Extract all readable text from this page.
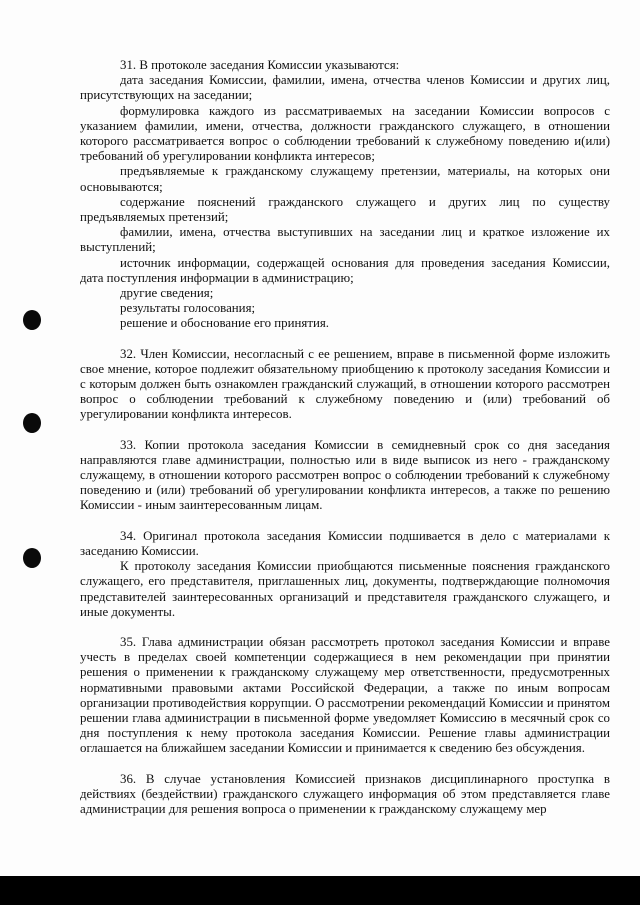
31. В протоколе заседания Комиссии указываются:

дата заседания Комиссии, фамилии, имена, отчества членов Комиссии и других лиц, присутствующих на заседании;

формулировка каждого из рассматриваемых на заседании Комиссии вопросов с указанием фамилии, имени, отчества, должности гражданского служащего, в отношении которого рассматривается вопрос о соблюдении требований к служебному поведению и(или) требований об урегулировании конфликта интересов;

предъявляемые к гражданскому служащему претензии, материалы, на которых они основываются;

содержание пояснений гражданского служащего и других лиц по существу предъявляемых претензий;

фамилии, имена, отчества выступивших на заседании лиц и краткое изложение их выступлений;

источник информации, содержащей основания для проведения заседания Комиссии, дата поступления информации в администрацию;

другие сведения;

результаты голосования;

решение и обоснование его принятия.

32. Член Комиссии, несогласный с ее решением, вправе в письменной форме изложить свое мнение, которое подлежит обязательному приобщению к протоколу заседания Комиссии и с которым должен быть ознакомлен гражданский служащий, в отношении которого рассмотрен вопрос о соблюдении требований к служебному поведению и (или) требований об урегулировании конфликта интересов.

33. Копии протокола заседания Комиссии в семидневный срок со дня заседания направляются главе администрации, полностью или в виде выписок из него - гражданскому служащему, в отношении которого рассмотрен вопрос о соблюдении требований к служебному поведению и (или) требований об урегулировании конфликта интересов, а также по решению Комиссии - иным заинтересованным лицам.

34. Оригинал протокола заседания Комиссии подшивается в дело с материалами к заседанию Комиссии.

К протоколу заседания Комиссии приобщаются письменные пояснения гражданского служащего, его представителя, приглашенных лиц, документы, подтверждающие полномочия представителей заинтересованных организаций и представителя гражданского служащего, и иные документы.

35. Глава администрации обязан рассмотреть протокол заседания Комиссии и вправе учесть в пределах своей компетенции содержащиеся в нем рекомендации при принятии решения о применении к гражданскому служащему мер ответственности, предусмотренных нормативными правовыми актами Российской Федерации, а также по иным вопросам организации противодействия коррупции. О рассмотрении рекомендаций Комиссии и принятом решении глава администрации в письменной форме уведомляет Комиссию в месячный срок со дня поступления к нему протокола заседания Комиссии. Решение главы администрации оглашается на ближайшем заседании Комиссии и принимается к сведению без обсуждения.

36. В случае установления Комиссией признаков дисциплинарного проступка в действиях (бездействии) гражданского служащего информация об этом представляется главе администрации для решения вопроса о применении к гражданскому служащему мер
